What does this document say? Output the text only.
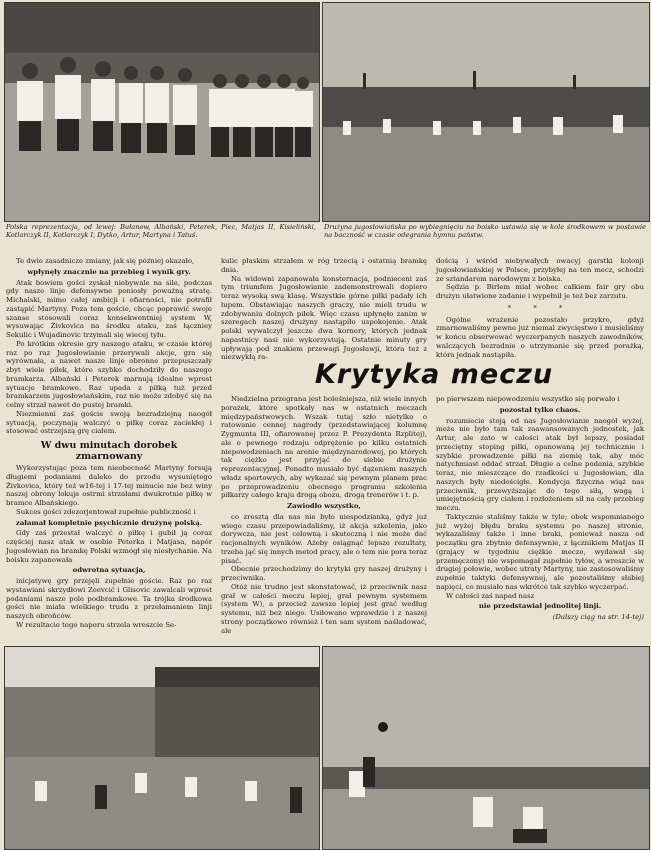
Polska reprezentacja, od lewej: Bułanow, Albański, Peterek, Piec, Matjas II, Kisieliński, Kotlarczyk II, Kotlarczyk I, Dytko, Artur, Martyna i Tatuś.
Drużyna jugosłowiańska po wybiegnięciu na boisko ustawia się w kole środkowem w postawie na baczność w czasie odegrania hymnu państw.

Te dwie zasadnicze zmiany, jak się później okazało,

wpłynęły znacznie na przebieg i wynik gry.

Atak bowiem gości zyskał niebywale na sile, podczas gdy nasze linje defensywne poniosły poważną stratę. Michalski, mimo całej ambicji i ofiarności, nie potrafił zastąpić Martyny. Poza tem goście, chcąc poprawić swoje szanse stosowali coraz konsekwentniej system W, wysuwając Živkovica na środku ataku, zaś łączniey Sekulic i Wujadinovic trzymali się wiecej tyłu.

Po krótkim okresie gry naszego ataku, w czasie której raz po raz Jugosłowianie przerywali akcje, gra się wyrównała, a nawet nasze linje obronne przepuszczały zbyt wiele piłek, które szybko dochodziły do naszego bramkarza. Albański i Peterek marnują idealne wprost sytuacje bramkowe. Raz upada z piłką tuż przed bramkarzem jugosłowiańskim, raz nie może zdobyć się na celny strzał nawet do pustej bramki.

Niezmienni zaś goście swoją bezradziejną naogół sytuacją, poczynają walczyć o piłkę coraz zaciekłej i stosować ostrzejszą grę ciałem.

W dwu minutach dorobek zmarnowany

Wykorzystując poza tem nieobecność Martyny forsują długiemi podaniami daleko do przodu wysuniętego Živkovica, który też w16-tej i 17-tej minucie nie bez winy naszej obrony lokuje ostrmi strzałami dwukrotnie piłkę w bramce Albańskiego.

Sukces gości zdezorjentował zupełnie publiczność i

załamał kompletnie psychicznie drużynę polską.

Gdy zaś przestał walczyć o piłkę i gubił ją coraz częściej nasz atak w osobie Peterka i Matjasa, napór Jugosłowian na bramkę Polski wzmógł się niesłychanie. Na boisku zapanowała

odwrotna sytuacja,

inicjatywę gry przejęli zupełnie goście. Raz po raz wystawiani skrzydłowi Zeevcić i Glisovic zawalcali wprost podaniami nasze pole podbramkowe. Ta trójka środkowa gości nie miała wielkiego trudu z przełamaniem linji naszych obrońców.

W rezultacie tego naporu strzela wreszcie Se-

kulic płaskim strzałem w róg trzecią i ostatnią bramkę dnia.

Na widowni zapanowała konsternacja, podnieceni zaś tym triumfem Jugosłowianie zademonstrowali dopiero teraz wysoką swą klasę. Wszystkie górne piłki padały ich łupem. Obstawiając naszych graczy, nie mieli trudu w zdobywaniu dolnych piłek. Więc czasu upłynęło zanim w szeregach naszej drużyny nastąpiło uspokojenie. Atak polski wywalczył jeszcze dwa kornery, których jednak napastnicy nasi nie wykorzystują. Ostatnie minuty gry upływają pod znakiem przewagi Jugosławji, która też z niezwykłą ra-

dością i wśród niebywałych owacyj garstki kolonji jugosłowiańskiej w Polsce, przybyłej na ten mecz, schodzi ze sztandarem narodowym z boiska.

Sędzia p. Birlem miał wobec całkiem fair gry obu drużyn ułatwione zadanie i wypełnił je też bez zarzutu.

* * *

Ogólne wrażenie pozostało przykro, gdyż zmarnowaliśmy pewne już niemal zwycięstwo i musieliśmy w końcu obserwować wyczerpanych naszych zawodników, walczących bezradnie o utrzymanie się przed porażką, która jednak nastąpiła.

Krytyka meczu

Niedzielna przegrana jest boleśniejsza, niż wiele innych porażek, które spotkały nas w ostatnich meczach międzypaństwowych. Wszak tutaj szło nietylko o ratowanie cennej nagrody (przedstawiającej kolumnę Zygmunta III, ofiarowanej przez P. Prezydenta Rzplitej), ale o pewnego rodzaju odprężenie po kilku ostatnich niepowodzeniach na arenie międzynarodowej, po których tak ciężko jest przyjąć do siebie drużynie reprezentacyjnej. Ponadto musiało być dążeniem naszych władz sportowych, aby wykazać się pewnym planem prac po przeprowadzeniu obecnego programu szkolenia piłkarzy całego kraju drogą obozu, drogą trenerów i t. p.

Zawiodło wszystko,

co zresztą dla nas nie było niespodzianką, gdyż już wiego czasu przepowiadaliśmy, iż akcja szkolenia, jako dorywcza, nie jest celowną i skuteczną i nie może dać racjonalnych wyników. Ażeby osiągnąć lepsze rezultaty, trzeba jąć się innych metod pracy, ale o tem nie pora teraz pisać.

Obecnie przechodzimy do krytyki gry naszej drużyny i przeciwnika.

Otóż nie trudno jest skonstatować, iż przeciwnik nasz grał w całości meczu lepiej, grał pewnym systemem (system W), a przecież zawsze lepiej jest grać według systemu, niż bez niego. Usiłowano wprawdzie i z naszej strony początkowo również i ten sam system naśladować, ale

po pierwszem niepowodzeniu wszystko się porwało i

pozostał tylko chaos.

rozumiecie stoją od nas Jugosłowianie naogół wyżej, może nie było tam tak zaawansowanych jednostek, jak Artur, ale zato w całości atak był lepszy, posiadał przeciętny stoping piłki, opanowaną jej technicznie i szybkie prowadzenie piłki na ziemię tak, aby móc natychmiast oddać strzał. Długie a celne podania, szybkie teraz, nie mieszczące do rzadkości u Jugosłowian, dla naszych były niedościgłe. Kondycja fizyczna wiąż nas przeciwnik, przewyższając do tego siłą, wagą i umiejętnością gry ciałem i rozłożeniem sił na cały przebieg meczu.

Taktycznie staliśmy także w tyle; obok wspomnianego już wyżej błędu braku systemu po naszej stronie, wykazaliśmy także i inne braki, ponieważ nasza od początku gra zbytnio defensywnie, z łącznikiem Matjas II (grający w tygodniu ciężkie mecze, wydawał się przemęczony) nie wspomagał zupełnie tyłów, a wreszcie w drugiej połowie, wobec utraty Martyny, nie zastosowaliśmy zupełnie taktyki defensywnej, ale pozostaliśmy słabiej napięci, co musiało nas wkrótce tak szybko wyczerpać.

W całości zaś napad nasz

nie przedstawiał jednolitej linji.

(Dalszy ciąg na str. 14-tej)
